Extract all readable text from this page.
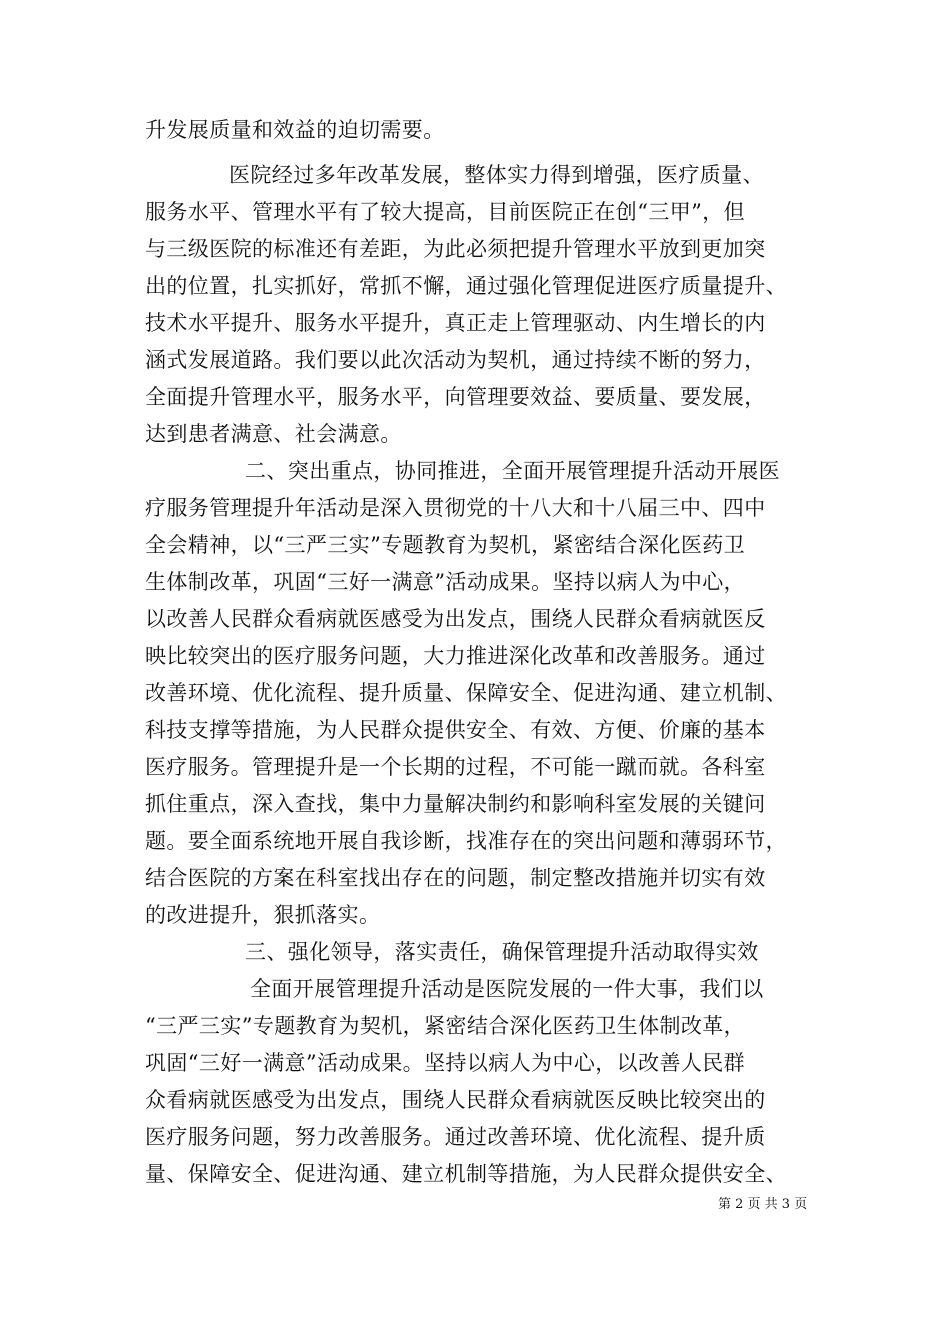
升发展质量和效益的迫切需要。
医院经过多年改革发展，整体实力得到增强，医疗质量、
服务水平、管理水平有了较大提高，目前医院正在创“三甲”，但
与三级医院的标准还有差距，为此必须把提升管理水平放到更加突
出的位置，扎实抓好，常抓不懈，通过强化管理促进医疗质量提升、
技术水平提升、服务水平提升，真正走上管理驱动、内生增长的内
涵式发展道路。我们要以此次活动为契机，通过持续不断的努力，
全面提升管理水平，服务水平，向管理要效益、要质量、要发展，
达到患者满意、社会满意。
二、突出重点，协同推进，全面开展管理提升活动开展医
疗服务管理提升年活动是深入贯彻党的十八大和十八届三中、四中
全会精神，以“三严三实”专题教育为契机，紧密结合深化医药卫
生体制改革，巩固“三好一满意”活动成果。坚持以病人为中心，
以改善人民群众看病就医感受为出发点，围绕人民群众看病就医反
映比较突出的医疗服务问题，大力推进深化改革和改善服务。通过
改善环境、优化流程、提升质量、保障安全、促进沟通、建立机制、
科技支撑等措施，为人民群众提供安全、有效、方便、价廉的基本
医疗服务。管理提升是一个长期的过程，不可能一蹴而就。各科室
抓住重点，深入查找，集中力量解决制约和影响科室发展的关键问
题。要全面系统地开展自我诊断，找准存在的突出问题和薄弱环节，
结合医院的方案在科室找出存在的问题，制定整改措施并切实有效
的改进提升，狠抓落实。
三、强化领导，落实责任，确保管理提升活动取得实效
全面开展管理提升活动是医院发展的一件大事，我们以
“三严三实”专题教育为契机，紧密结合深化医药卫生体制改革，
巩固“三好一满意”活动成果。坚持以病人为中心，以改善人民群
众看病就医感受为出发点，围绕人民群众看病就医反映比较突出的
医疗服务问题，努力改善服务。通过改善环境、优化流程、提升质
量、保障安全、促进沟通、建立机制等措施，为人民群众提供安全、
第 2 页 共 3 页
